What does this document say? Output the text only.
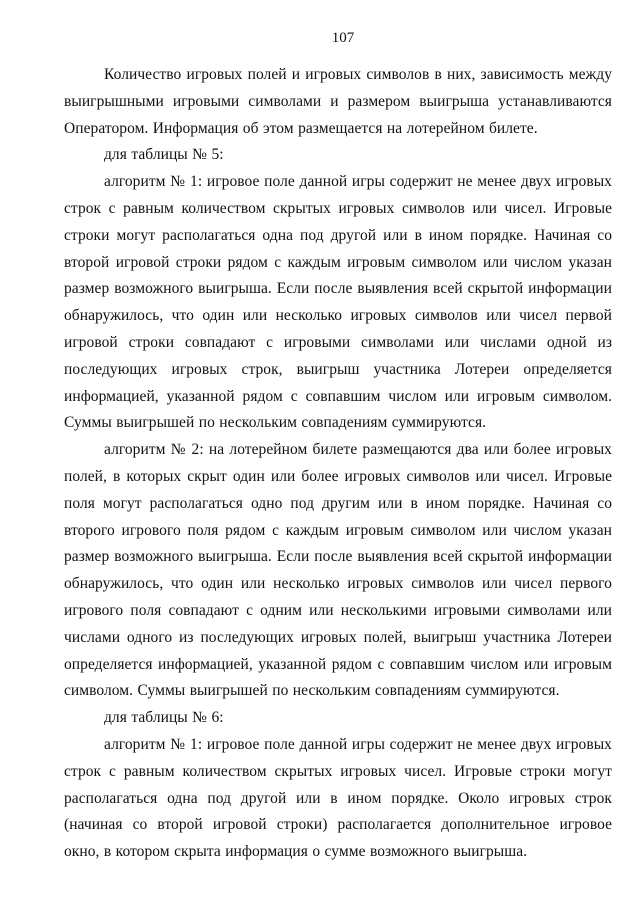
107

Количество игровых полей и игровых символов в них, зависимость между выигрышными игровыми символами и размером выигрыша устанавливаются Оператором. Информация об этом размещается на лотерейном билете.

для таблицы № 5:

алгоритм № 1: игровое поле данной игры содержит не менее двух игровых строк с равным количеством скрытых игровых символов или чисел. Игровые строки могут располагаться одна под другой или в ином порядке. Начиная со второй игровой строки рядом с каждым игровым символом или числом указан размер возможного выигрыша. Если после выявления всей скрытой информации обнаружилось, что один или несколько игровых символов или чисел первой игровой строки совпадают с игровыми символами или числами одной из последующих игровых строк, выигрыш участника Лотереи определяется информацией, указанной рядом с совпавшим числом или игровым символом. Суммы выигрышей по нескольким совпадениям суммируются.

алгоритм № 2: на лотерейном билете размещаются два или более игровых полей, в которых скрыт один или более игровых символов или чисел. Игровые поля могут располагаться одно под другим или в ином порядке. Начиная со второго игрового поля рядом с каждым игровым символом или числом указан размер возможного выигрыша. Если после выявления всей скрытой информации обнаружилось, что один или несколько игровых символов или чисел первого игрового поля совпадают с одним или несколькими игровыми символами или числами одного из последующих игровых полей, выигрыш участника Лотереи определяется информацией, указанной рядом с совпавшим числом или игровым символом. Суммы выигрышей по нескольким совпадениям суммируются.

для таблицы № 6:

алгоритм № 1: игровое поле данной игры содержит не менее двух игровых строк с равным количеством скрытых игровых чисел. Игровые строки могут располагаться одна под другой или в ином порядке. Около игровых строк (начиная со второй игровой строки) располагается дополнительное игровое окно, в котором скрыта информация о сумме возможного выигрыша.
